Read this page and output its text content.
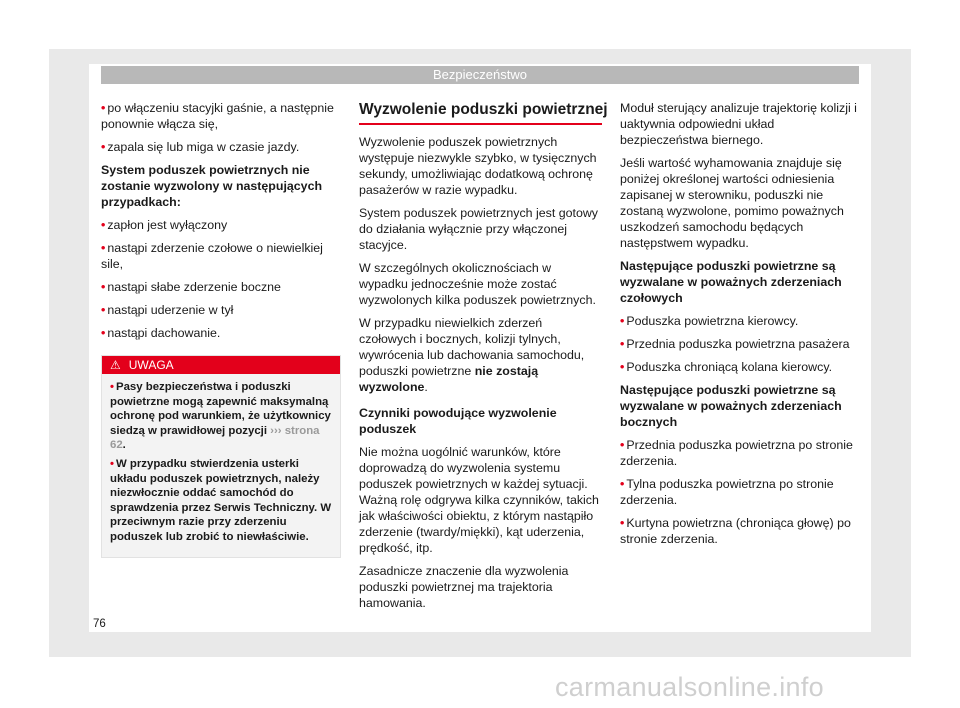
Bezpieczeństwo
• po włączeniu stacyjki gaśnie, a następnie ponownie włącza się,
• zapala się lub miga w czasie jazdy.
System poduszek powietrznych nie zostanie wyzwolony w następujących przypadkach:
• zapłon jest wyłączony
• nastąpi zderzenie czołowe o niewielkiej sile,
• nastąpi słabe zderzenie boczne
• nastąpi uderzenie w tył
• nastąpi dachowanie.
⚠ UWAGA
• Pasy bezpieczeństwa i poduszki powietrzne mogą zapewnić maksymalną ochronę pod warunkiem, że użytkownicy siedzą w prawidłowej pozycji ››› strona 62.
• W przypadku stwierdzenia usterki układu poduszek powietrznych, należy niezwłocznie oddać samochód do sprawdzenia przez Serwis Techniczny. W przeciwnym razie przy zderzeniu poduszek lub zrobić to niewłaściwie.
Wyzwolenie poduszki powietrznej

Wyzwolenie poduszek powietrznych występuje niezwykle szybko, w tysięcznych sekundy, umożliwiając dodatkową ochronę pasażerów w razie wypadku.

System poduszek powietrznych jest gotowy do działania wyłącznie przy włączonej stacyjce.

W szczególnych okolicznościach w wypadku jednocześnie może zostać wyzwolonych kilka poduszek powietrznych.

W przypadku niewielkich zderzeń czołowych i bocznych, kolizji tylnych, wywrócenia lub dachowania samochodu, poduszki powietrzne nie zostają wyzwolone.

Czynniki powodujące wyzwolenie poduszek

Nie można uogólnić warunków, które doprowadzą do wyzwolenia systemu poduszek powietrznych w każdej sytuacji. Ważną rolę odgrywa kilka czynników, takich jak właściwości obiektu, z którym nastąpiło zderzenie (twardy/miękki), kąt uderzenia, prędkość, itp.

Zasadnicze znaczenie dla wyzwolenia poduszki powietrznej ma trajektoria hamowania.

Moduł sterujący analizuje trajektorię kolizji i uaktywnia odpowiedni układ bezpieczeństwa biernego.

Jeśli wartość wyhamowania znajduje się poniżej określonej wartości odniesienia zapisanej w sterowniku, poduszki nie zostaną wyzwolone, pomimo poważnych uszkodzeń samochodu będących następstwem wypadku.

Następujące poduszki powietrzne są wyzwalane w poważnych zderzeniach czołowych
• Poduszka powietrzna kierowcy.
• Przednia poduszka powietrzna pasażera
• Poduszka chroniącą kolana kierowcy.
Następujące poduszki powietrzne są wyzwalane w poważnych zderzeniach bocznych
• Przednia poduszka powietrzna po stronie zderzenia.
• Tylna poduszka powietrzna po stronie zderzenia.
• Kurtyna powietrzna (chroniąca głowę) po stronie zderzenia.
76
carmanualsonline.info
